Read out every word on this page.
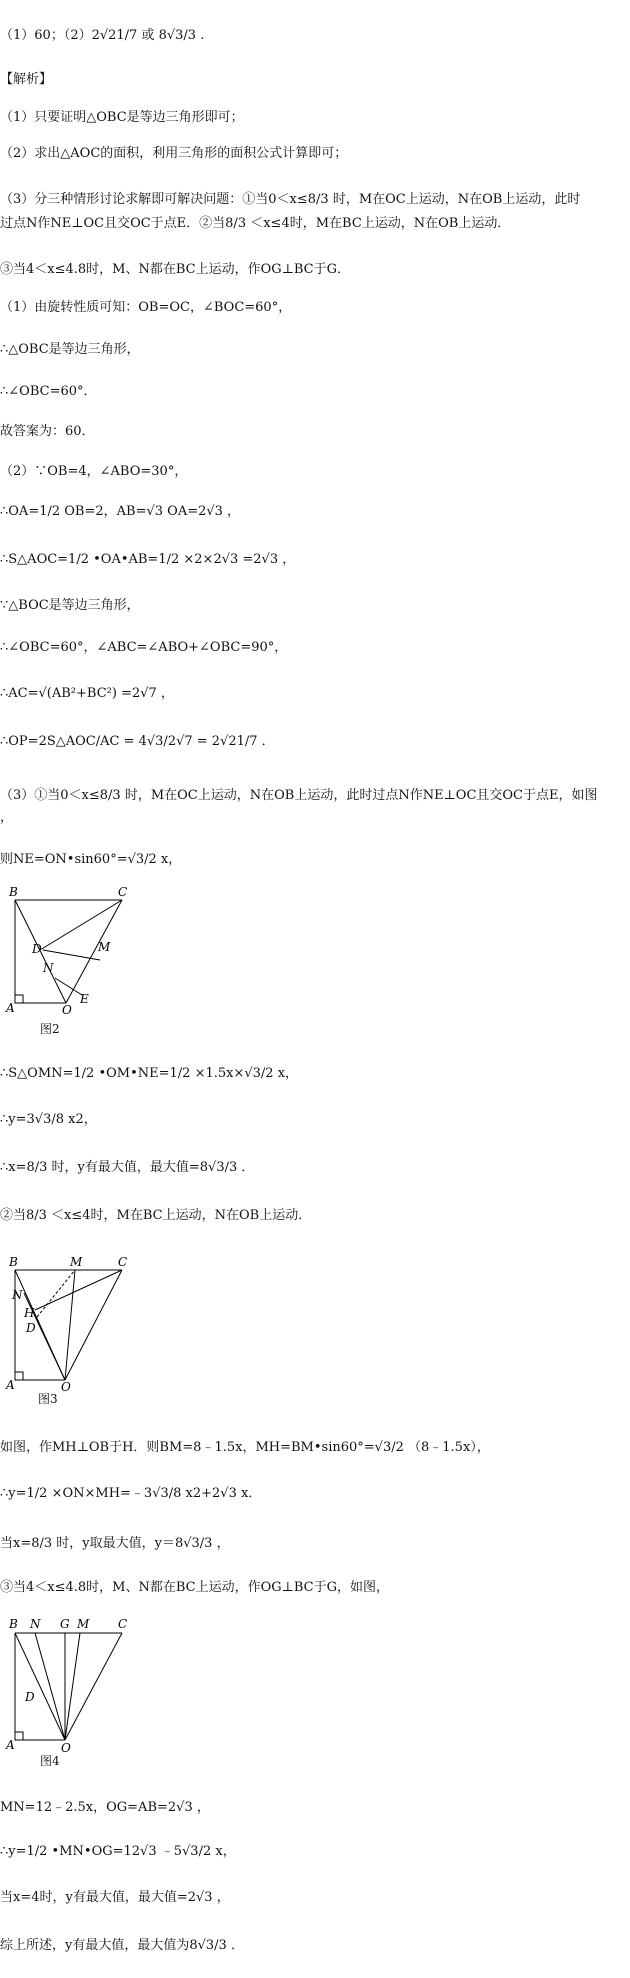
（1）60；（2）2√21/7 或 8√3/3 .
【解析】
（1）只要证明△OBC是等边三角形即可；
（2）求出△AOC的面积，利用三角形的面积公式计算即可；
（3）分三种情形讨论求解即可解决问题：①当0＜x≤8/3 时，M在OC上运动，N在OB上运动，此时
过点N作NE⊥OC且交OC于点E．②当8/3 ＜x≤4时，M在BC上运动，N在OB上运动．
③当4＜x≤4.8时，M、N都在BC上运动，作OG⊥BC于G．
（1）由旋转性质可知：OB=OC，∠BOC=60°，
∴△OBC是等边三角形，
∴∠OBC=60°．
故答案为：60．
（2）∵OB=4，∠ABO=30°，
∴OA=1/2 OB=2，AB=√3 OA=2√3 ，
∴S△AOC=1/2 •OA•AB=1/2 ×2×2√3 =2√3 ，
∵△BOC是等边三角形，
∴∠OBC=60°，∠ABC=∠ABO+∠OBC=90°，
∴AC=√(AB²+BC²) =2√7 ，
∴OP=2S△AOC/AC = 4√3/2√7 = 2√21/7 ．
（3）①当0＜x≤8/3 时，M在OC上运动，N在OB上运动，此时过点N作NE⊥OC且交OC于点E，如图
，
则NE=ON•sin60°=√3/2 x，
B	C
D
N
M
A	O
E
图2
∴S△OMN=1/2 •OM•NE=1/2 ×1.5x×√3/2 x，
∴y=3√3/8 x2，
∴x=8/3 时，y有最大值，最大值=8√3/3 ．
②当8/3 ＜x≤4时，M在BC上运动，N在OB上运动．
B	M	C
N
H
D
A	O
图3
如图，作MH⊥OB于H．则BM=8﹣1.5x，MH=BM•sin60°=√3/2 （8﹣1.5x），
∴y=1/2 ×ON×MH=﹣3√3/8 x2+2√3 x．
当x=8/3 时，y取最大值，y＝8√3/3 ，
③当4＜x≤4.8时，M、N都在BC上运动，作OG⊥BC于G，如图，
B N G M C
D
A	O
图4
MN=12﹣2.5x，OG=AB=2√3 ，
∴y=1/2 •MN•OG=12√3 ﹣5√3/2 x，
当x=4时，y有最大值，最大值=2√3 ，
综上所述，y有最大值，最大值为8√3/3 ．
